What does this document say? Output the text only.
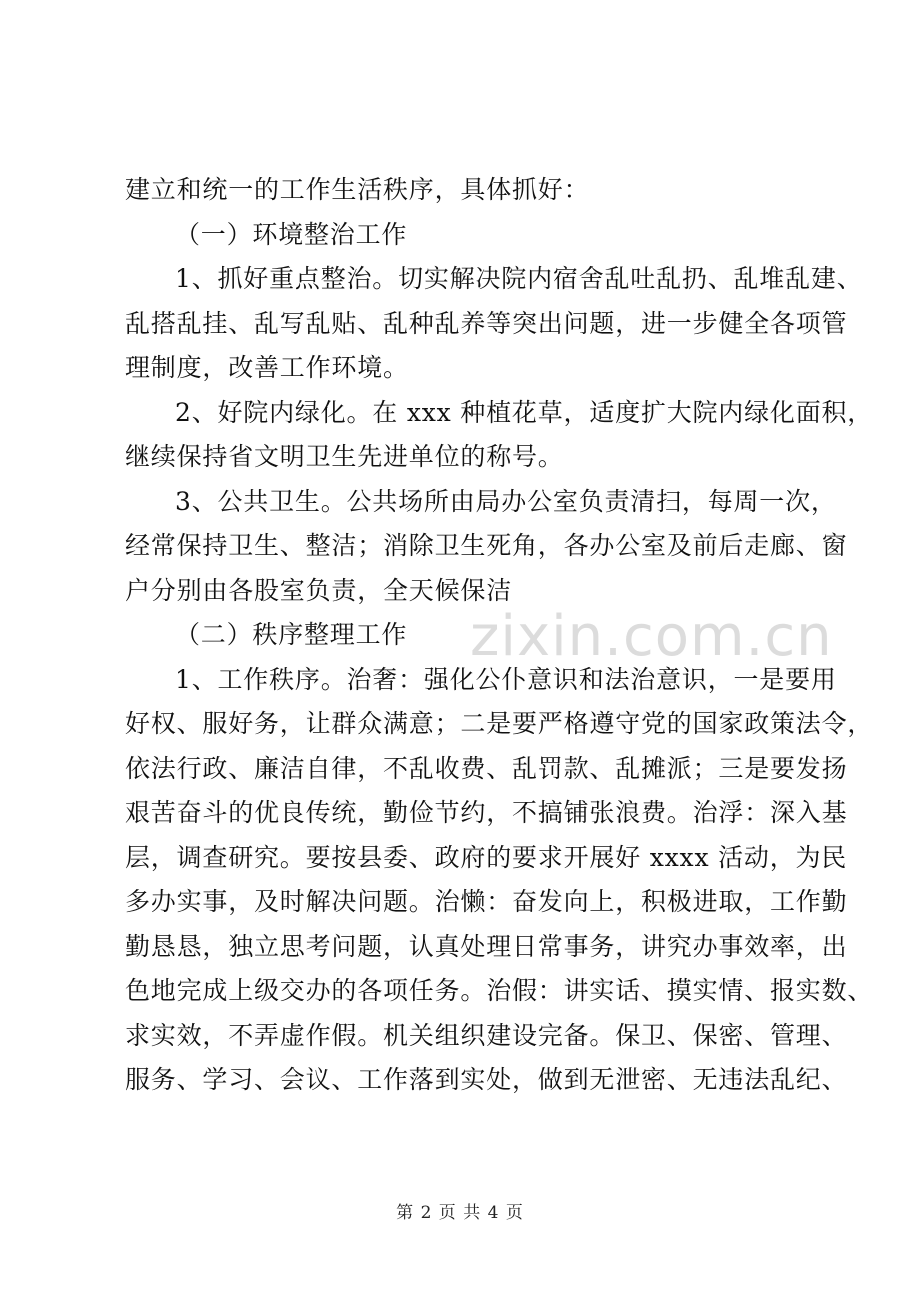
建立和统一的工作生活秩序，具体抓好：
（一）环境整治工作
1、抓好重点整治。切实解决院内宿舍乱吐乱扔、乱堆乱建、
乱搭乱挂、乱写乱贴、乱种乱养等突出问题，进一步健全各项管
理制度，改善工作环境。
2、好院内绿化。在 xxx 种植花草，适度扩大院内绿化面积，
继续保持省文明卫生先进单位的称号。
3、公共卫生。公共场所由局办公室负责清扫，每周一次，
经常保持卫生、整洁；消除卫生死角，各办公室及前后走廊、窗
户分别由各股室负责，全天候保洁
（二）秩序整理工作
1、工作秩序。治奢：强化公仆意识和法治意识，一是要用
好权、服好务，让群众满意；二是要严格遵守党的国家政策法令，
依法行政、廉洁自律，不乱收费、乱罚款、乱摊派；三是要发扬
艰苦奋斗的优良传统，勤俭节约，不搞铺张浪费。治浮：深入基
层，调查研究。要按县委、政府的要求开展好 xxxx 活动，为民
多办实事，及时解决问题。治懒：奋发向上，积极进取，工作勤
勤恳恳，独立思考问题，认真处理日常事务，讲究办事效率，出
色地完成上级交办的各项任务。治假：讲实话、摸实情、报实数、
求实效，不弄虚作假。机关组织建设完备。保卫、保密、管理、
服务、学习、会议、工作落到实处，做到无泄密、无违法乱纪、
zixin.com.cn
第 2 页 共 4 页
